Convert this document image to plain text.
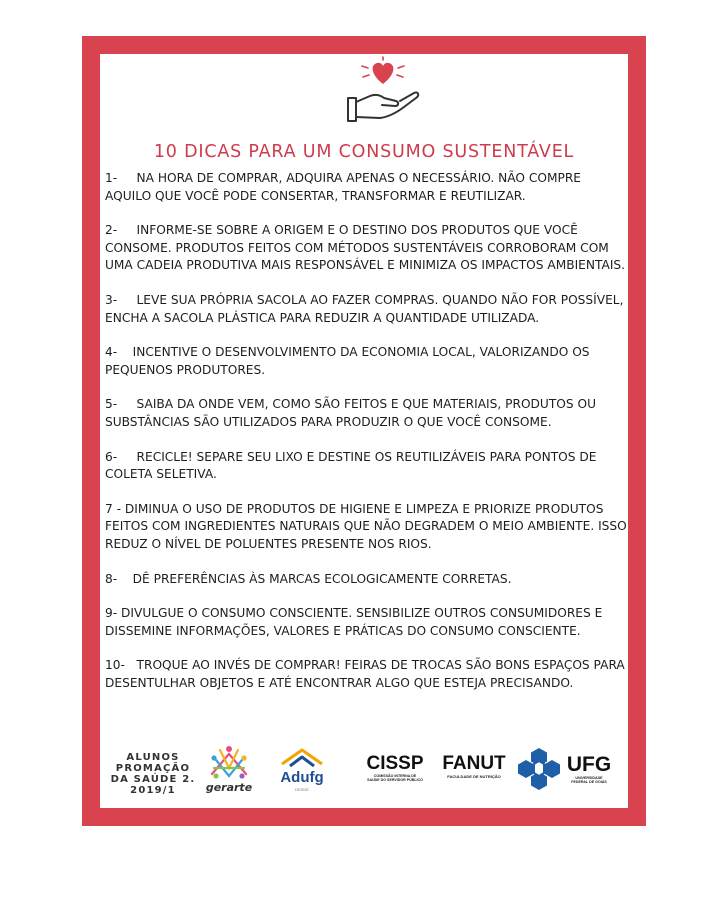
10 DICAS PARA UM CONSUMO SUSTENTÁVEL
1-     NA HORA DE COMPRAR, ADQUIRA APENAS O NECESSÁRIO. NÃO COMPRE AQUILO QUE VOCÊ PODE CONSERTAR, TRANSFORMAR E REUTILIZAR.
2-     INFORME-SE SOBRE A ORIGEM E O DESTINO DOS PRODUTOS QUE VOCÊ CONSOME. PRODUTOS FEITOS COM MÉTODOS SUSTENTÁVEIS CORROBORAM COM UMA CADEIA PRODUTIVA MAIS RESPONSÁVEL E MINIMIZA OS IMPACTOS AMBIENTAIS.
3-     LEVE SUA PRÓPRIA SACOLA AO FAZER COMPRAS. QUANDO NÃO FOR POSSÍVEL, ENCHA A SACOLA PLÁSTICA PARA REDUZIR A QUANTIDADE UTILIZADA.
4-    INCENTIVE O DESENVOLVIMENTO DA ECONOMIA LOCAL, VALORIZANDO OS PEQUENOS PRODUTORES.
5-     SAIBA DA ONDE VEM, COMO SÃO FEITOS E QUE MATERIAIS, PRODUTOS OU SUBSTÂNCIAS SÃO UTILIZADOS PARA PRODUZIR O QUE VOCÊ CONSOME.
6-     RECICLE! SEPARE SEU LIXO E DESTINE OS REUTILIZÁVEIS PARA PONTOS DE COLETA SELETIVA.
7 - DIMINUA O USO DE PRODUTOS DE HIGIENE E LIMPEZA E PRIORIZE PRODUTOS FEITOS COM INGREDIENTES NATURAIS QUE NÃO DEGRADEM O MEIO AMBIENTE. ISSO REDUZ O NÍVEL DE POLUENTES PRESENTE NOS RIOS.
8-    DÊ PREFERÊNCIAS ÀS MARCAS ECOLOGICAMENTE CORRETAS.
9- DIVULGUE O CONSUMO CONSCIENTE. SENSIBILIZE OUTROS CONSUMIDORES E DISSEMINE INFORMAÇÕES, VALORES E PRÁTICAS DO CONSUMO CONSCIENTE.
10-   TROQUE AO INVÉS DE COMPRAR! FEIRAS DE TROCAS SÃO BONS ESPAÇOS PARA DESENTULHAR OBJETOS E ATÉ ENCONTRAR ALGO QUE ESTEJA PRECISANDO.
ALUNOS
PROMAÇÃO
DA SAÚDE 2.
2019/1	gerarte
Adufg
DESDE
CISSP
COMISSÃO INTERNA DE
SAÚDE DO SERVIDOR PÚBLICO
FANUT
FACULDADE DE NUTRIÇÃO
UFG
UNIVERSIDADE
FEDERAL DE GOIÁS
